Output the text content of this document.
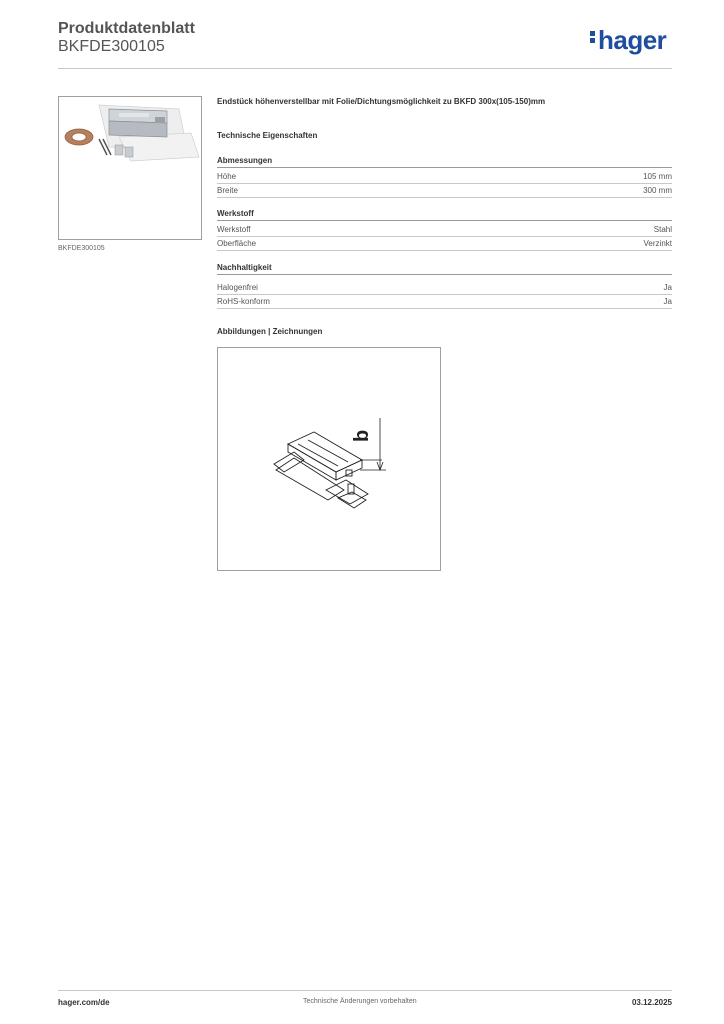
Produktdatenblatt
BKFDE300105	hager
BKFDE300105
Endstück höhenverstellbar mit Folie/Dichtungsmöglichkeit zu BKFD 300x(105-150)mm
Technische Eigenschaften
Abmessungen
Höhe	105 mm
Breite	300 mm
Werkstoff
Werkstoff	Stahl
Oberfläche	Verzinkt
Nachhaltigkeit
Halogenfrei	Ja
RoHS-konform	Ja
Abbildungen | Zeichnungen
b
hager.com/de	Technische Änderungen vorbehalten	03.12.2025
